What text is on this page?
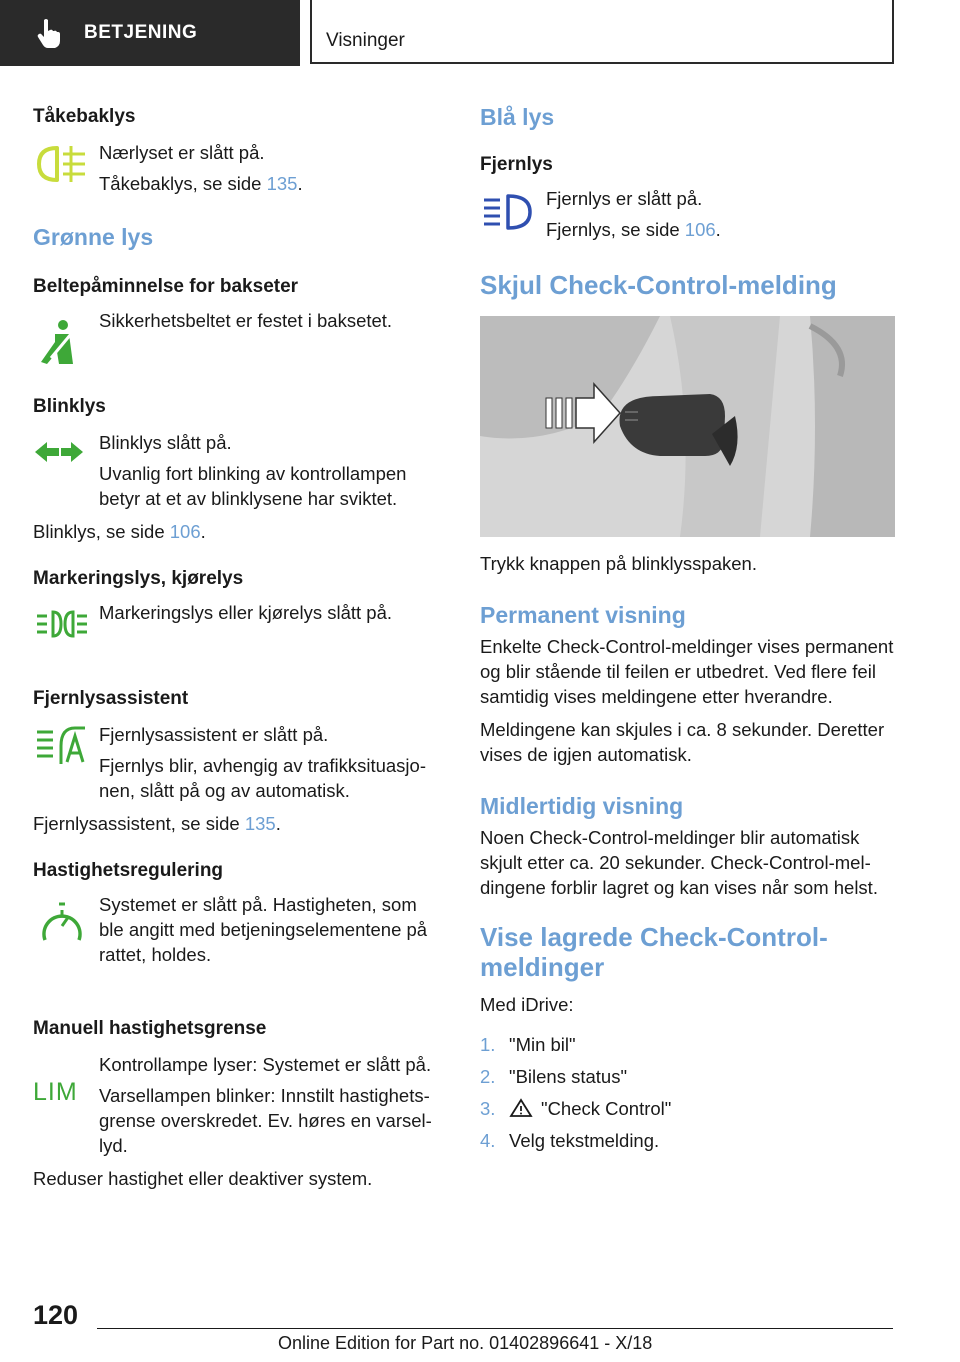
BETJENING	Visninger
Tåkebaklys

Nærlyset er slått på.

Tåkebaklys, se side 135.

Grønne lys
Beltepåminnelse for bakseter

Sikkerhetsbeltet er festet i baksetet.

Blinklys

Blinklys slått på.

Uvanlig fort blinking av kontrollampen betyr at et av blinklysene har sviktet.

Blinklys, se side 106.

Markeringslys, kjørelys

Markeringslys eller kjørelys slått på.

Fjernlysassistent

Fjernlysassistent er slått på.

Fjernlys blir, avhengig av trafikksituasjonen, slått på og av automatisk.

Fjernlysassistent, se side 135.

Hastighetsregulering

Systemet er slått på. Hastigheten, som ble angitt med betjeningselementene på rattet, holdes.

Manuell hastighetsgrense
LIM

Kontrollampe lyser: Systemet er slått på.

Varsellampen blinker: Innstilt hastighetsgrense overskredet. Ev. høres en varsellyd.

Reduser hastighet eller deaktiver system.

Blå lys
Fjernlys

Fjernlys er slått på.

Fjernlys, se side 106.

Skjul Check-Control-melding

Trykk knappen på blinklysspaken.

Permanent visning

Enkelte Check-Control-meldinger vises permanent og blir stående til feilen er utbedret. Ved flere feil samtidig vises meldingene etter hverandre.

Meldingene kan skjules i ca. 8 sekunder. Deretter vises de igjen automatisk.

Midlertidig visning

Noen Check-Control-meldinger blir automatisk skjult etter ca. 20 sekunder. Check-Control-meldingene forblir lagret og kan vises når som helst.

Vise lagrede Check-Control-meldinger

Med iDrive:

1. "Min bil"
2. "Bilens status"
3. "Check Control"
4. Velg tekstmelding.
120
Online Edition for Part no. 01402896641 - X/18
